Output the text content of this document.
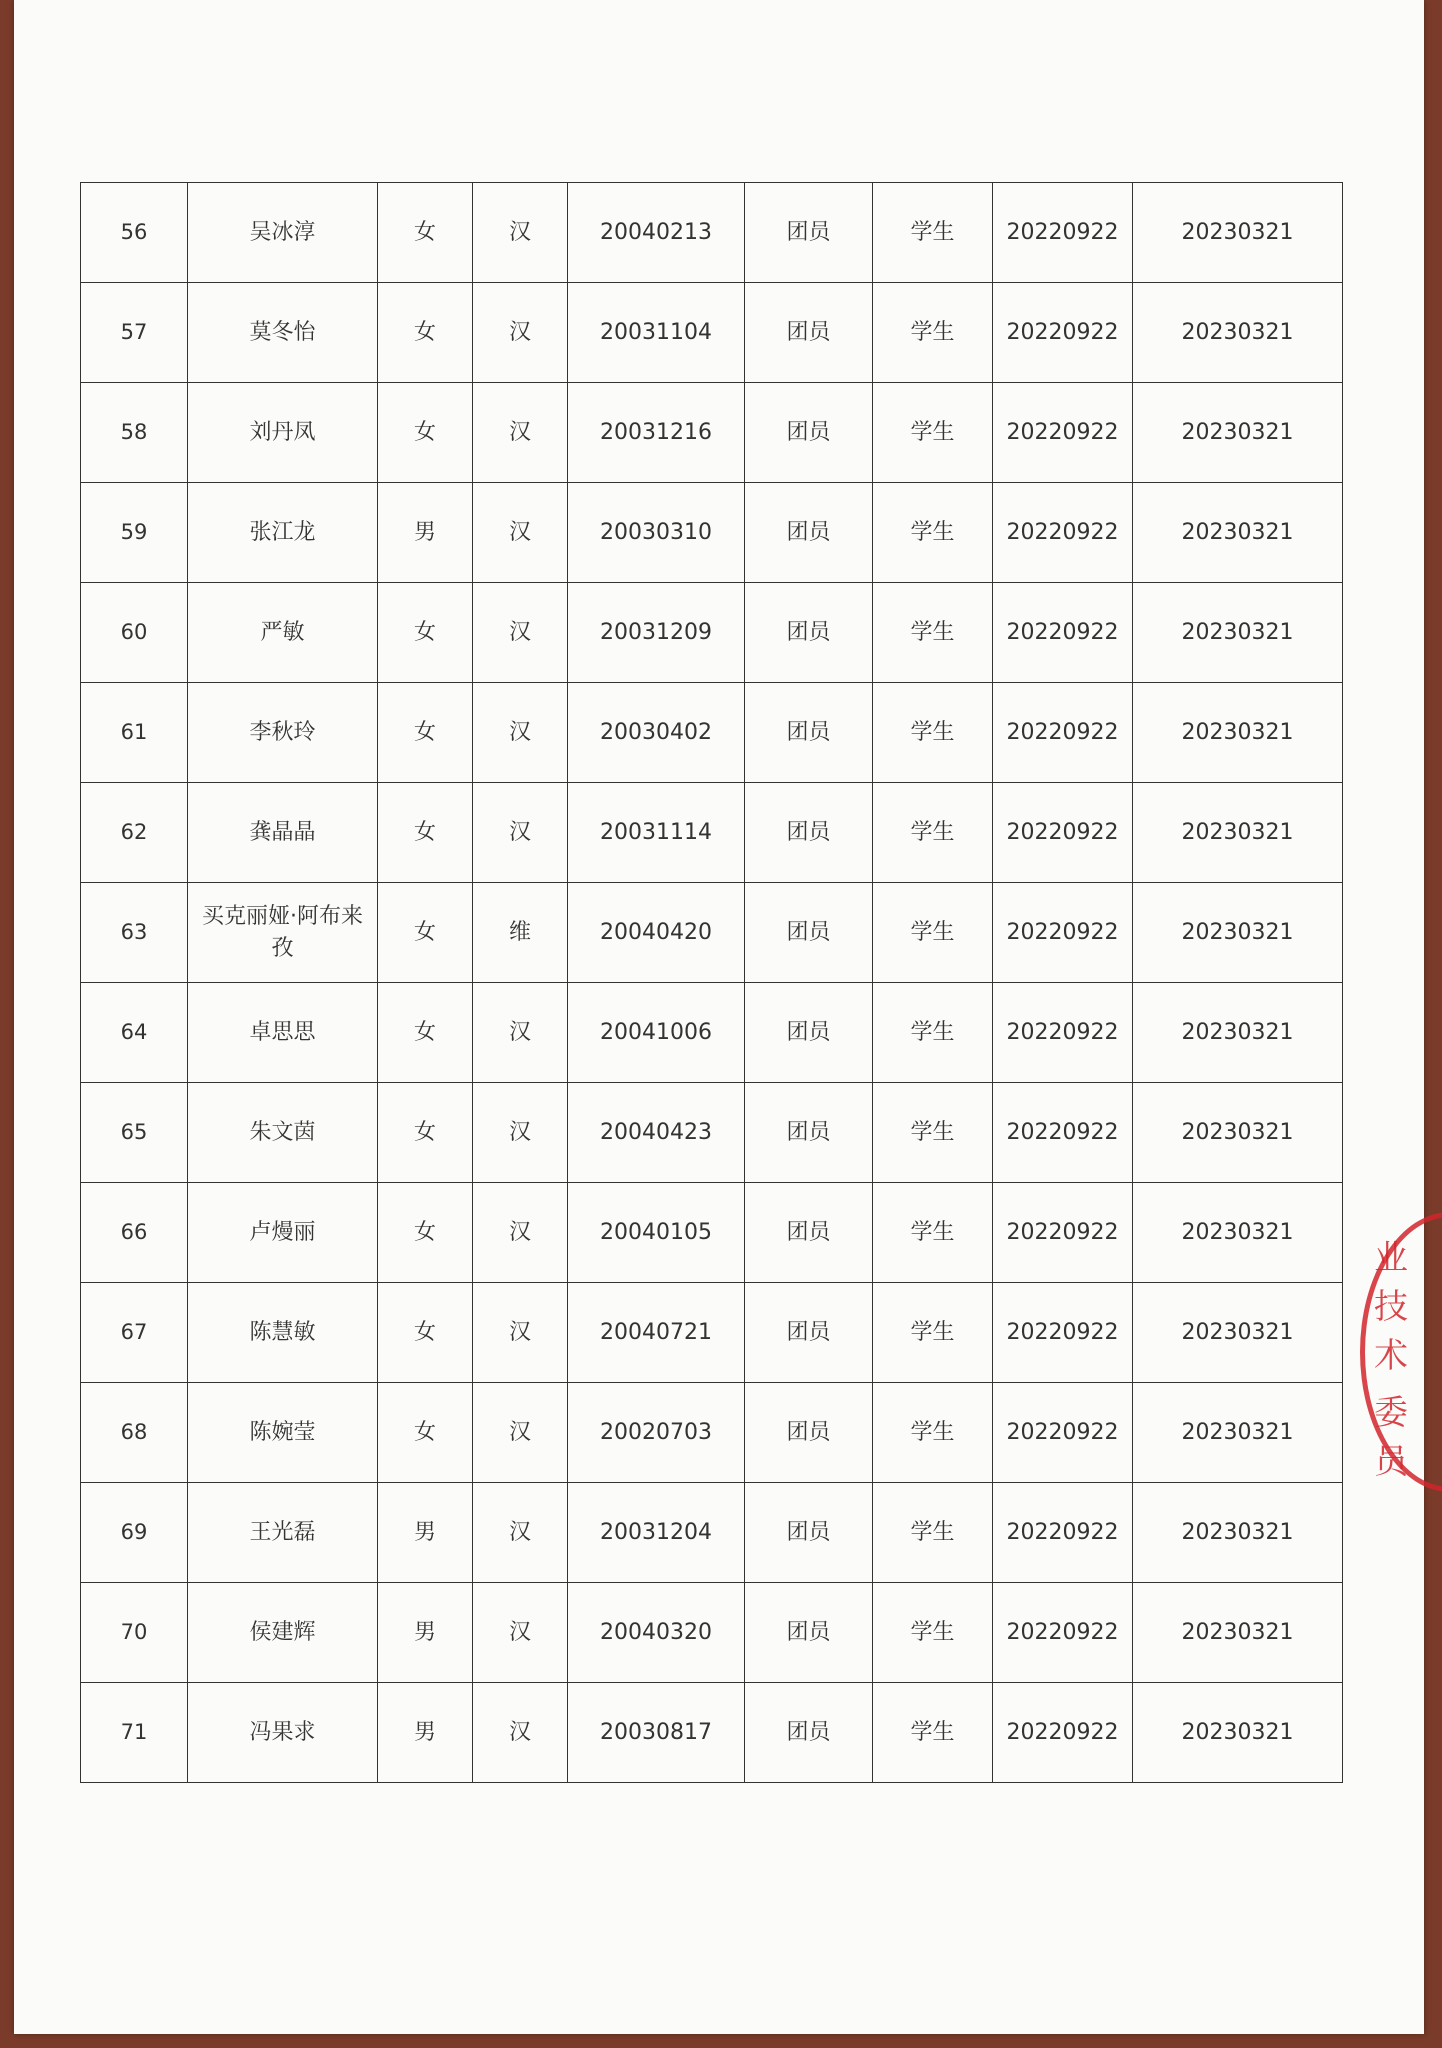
56	吴冰淳	女	汉	20040213	团员	学生	20220922	20230321
57	莫冬怡	女	汉	20031104	团员	学生	20220922	20230321
58	刘丹凤	女	汉	20031216	团员	学生	20220922	20230321
59	张江龙	男	汉	20030310	团员	学生	20220922	20230321
60	严敏	女	汉	20031209	团员	学生	20220922	20230321
61	李秋玲	女	汉	20030402	团员	学生	20220922	20230321
62	龚晶晶	女	汉	20031114	团员	学生	20220922	20230321
63	买克丽娅·阿布来孜	女	维	20040420	团员	学生	20220922	20230321
64	卓思思	女	汉	20041006	团员	学生	20220922	20230321
65	朱文茵	女	汉	20040423	团员	学生	20220922	20230321
66	卢熳丽	女	汉	20040105	团员	学生	20220922	20230321
67	陈慧敏	女	汉	20040721	团员	学生	20220922	20230321
68	陈婉莹	女	汉	20020703	团员	学生	20220922	20230321
69	王光磊	男	汉	20031204	团员	学生	20220922	20230321
70	侯建辉	男	汉	20040320	团员	学生	20220922	20230321
71	冯果求	男	汉	20030817	团员	学生	20220922	20230321
业技术
委员
